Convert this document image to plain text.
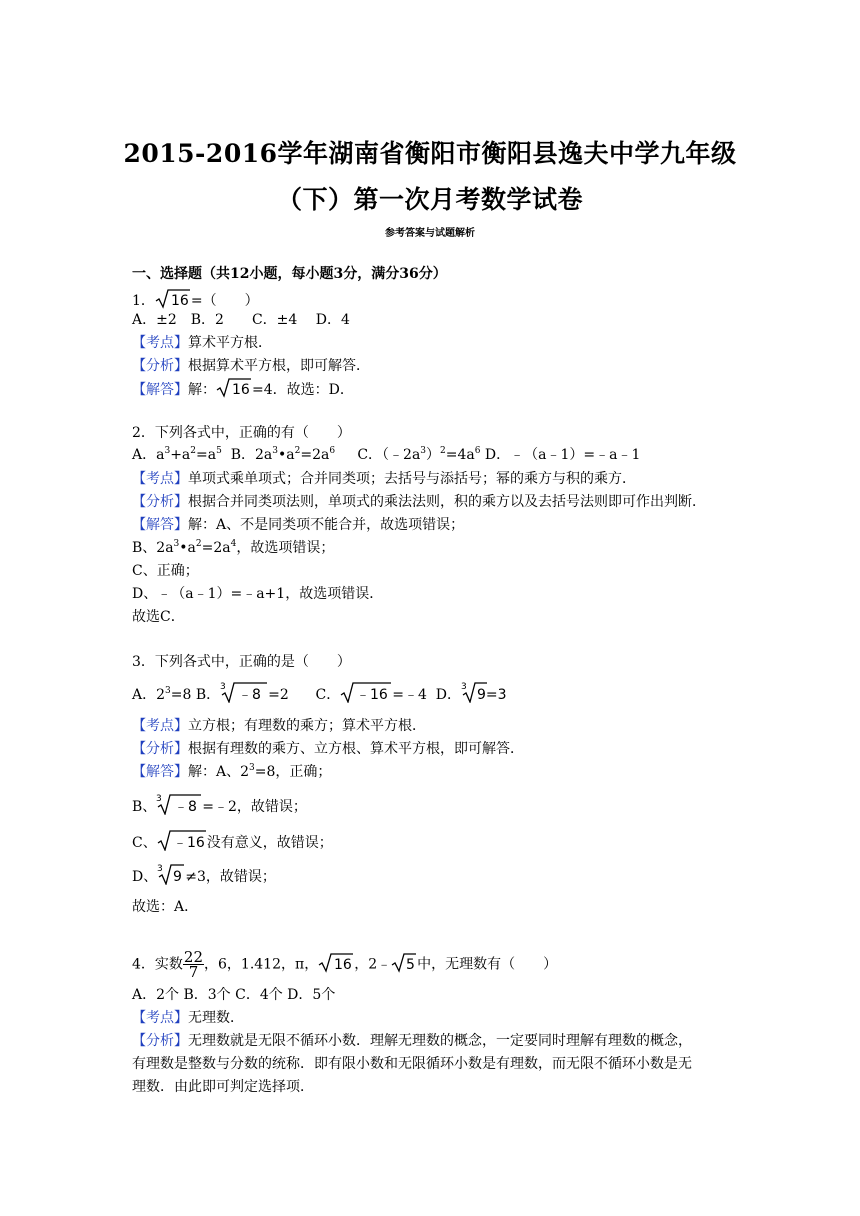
2015-2016学年湖南省衡阳市衡阳县逸夫中学九年级
（下）第一次月考数学试卷
参考答案与试题解析
一、选择题（共12小题，每小题3分，满分36分）
1． 16 =（　　）
A．±2　B．2　　C．±4　 D．4
【考点】算术平方根．
【分析】根据算术平方根，即可解答．
【解答】解： 16 =4．故选：D．
2．下列各式中，正确的有（　　）
A．$a^3+a^2=a^5$  B．$2a^3•a^2=2a^6$     C．$(﹣2a^3)^2=4a^6$ D．﹣（a﹣1）=﹣a﹣1
【考点】单项式乘单项式；合并同类项；去括号与添括号；幂的乘方与积的乘方．
【分析】根据合并同类项法则，单项式的乘法法则，积的乘方以及去括号法则即可作出判断．
【解答】解：A、不是同类项不能合并，故选项错误；
B、$2a^3•a^2=2a^4$，故选项错误；
C、正确；
D、﹣（a﹣1）=﹣a+1，故选项错误．
故选C．
3．下列各式中，正确的是（　　）
A．$2^3=8$ B． 3 ﹣8 =2      C． ﹣16 =﹣4  D． 3 9=3
【考点】立方根；有理数的乘方；算术平方根．
【分析】根据有理数的乘方、立方根、算术平方根，即可解答．
【解答】解：A、$2^3=8$，正确；
B、 3 ﹣8 =﹣2，故错误；
C、 ﹣16 没有意义，故错误；
D、 3 9 ≠3，故错误；
故选：A．
4．实数 $\frac{22}{7}$ ，6，1.412，π， 16 ，2﹣ 5 中，无理数有（　　）
A．2个 B．3个 C．4个 D．5个
【考点】无理数．
【分析】无理数就是无限不循环小数．理解无理数的概念，一定要同时理解有理数的概念，
有理数是整数与分数的统称．即有限小数和无限循环小数是有理数，而无限不循环小数是无
理数．由此即可判定选择项．
